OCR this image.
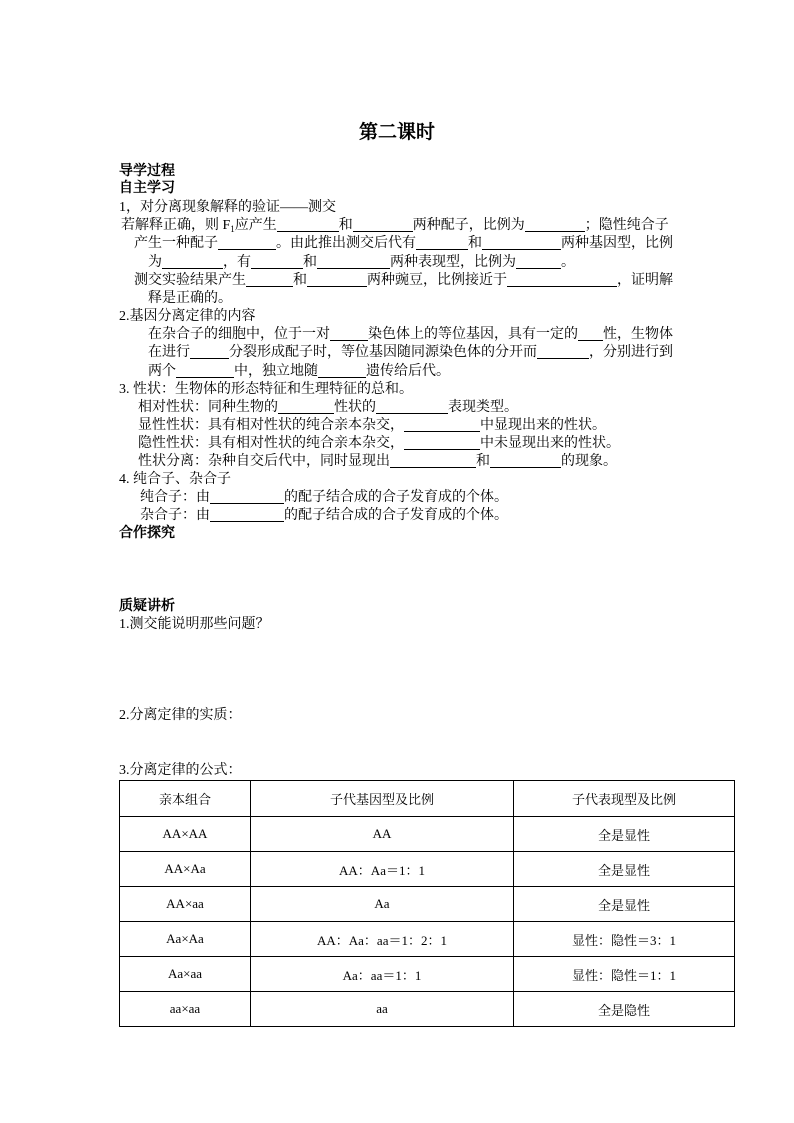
第二课时
导学过程
自主学习
1，对分离现象解释的验证——测交
若解释正确，则 $F_1$应产生	和	两种配子，比例为	；隐性纯合子
产生一种配子	。由此推出测交后代有	和	两种基因型，比例
为	，有	和	两种表现型，比例为	。
测交实验结果产生	和	两种豌豆，比例接近于	，证明解
释是正确的。
2.基因分离定律的内容
在杂合子的细胞中，位于一对	染色体上的等位基因，具有一定的 性，生物体
在进行	分裂形成配子时，等位基因随同源染色体的分开而	，分别进行到
两个	中，独立地随	遗传给后代。
3. 性状：生物体的形态特征和生理特征的总和。
相对性状：同种生物的	性状的	表现类型。
显性性状：具有相对性状的纯合亲本杂交，	中显现出来的性状。
隐性性状：具有相对性状的纯合亲本杂交，	中未显现出来的性状。
性状分离：杂种自交后代中，同时显现出	和	的现象。
4. 纯合子、杂合子
纯合子：由	的配子结合成的合子发育成的个体。
杂合子：由	的配子结合成的合子发育成的个体。
合作探究
质疑讲析
1.测交能说明那些问题？
2.分离定律的实质：
3.分离定律的公式：
亲本组合	子代基因型及比例	子代表现型及比例
AA×AA	AA	全是显性
AA×Aa	AA：Aa＝1：1	全是显性
AA×aa	Aa	全是显性
Aa×Aa	AA：Aa：aa＝1：2：1	显性：隐性＝3：1
Aa×aa	Aa：aa＝1：1	显性：隐性＝1：1
aa×aa	aa	全是隐性
